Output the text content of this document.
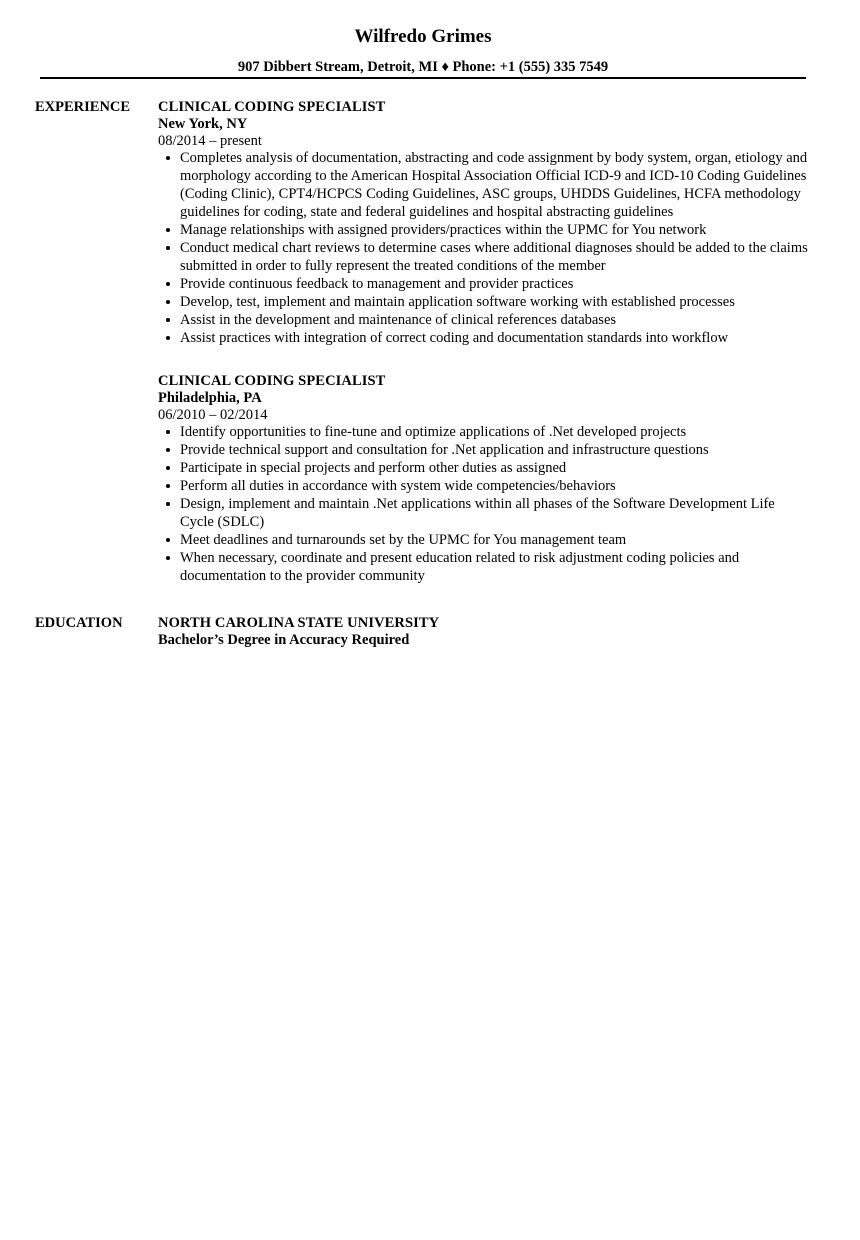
Wilfredo Grimes
907 Dibbert Stream, Detroit, MI ♦ Phone: +1 (555) 335 7549
EXPERIENCE CLINICAL CODING SPECIALIST
New York, NY
08/2014 – present
Completes analysis of documentation, abstracting and code assignment by body system, organ, etiology and morphology according to the American Hospital Association Official ICD-9 and ICD-10 Coding Guidelines (Coding Clinic), CPT4/HCPCS Coding Guidelines, ASC groups, UHDDS Guidelines, HCFA methodology guidelines for coding, state and federal guidelines and hospital abstracting guidelines
Manage relationships with assigned providers/practices within the UPMC for You network
Conduct medical chart reviews to determine cases where additional diagnoses should be added to the claims submitted in order to fully represent the treated conditions of the member
Provide continuous feedback to management and provider practices
Develop, test, implement and maintain application software working with established processes
Assist in the development and maintenance of clinical references databases
Assist practices with integration of correct coding and documentation standards into workflow
CLINICAL CODING SPECIALIST
Philadelphia, PA
06/2010 – 02/2014
Identify opportunities to fine-tune and optimize applications of .Net developed projects
Provide technical support and consultation for .Net application and infrastructure questions
Participate in special projects and perform other duties as assigned
Perform all duties in accordance with system wide competencies/behaviors
Design, implement and maintain .Net applications within all phases of the Software Development Life Cycle (SDLC)
Meet deadlines and turnarounds set by the UPMC for You management team
When necessary, coordinate and present education related to risk adjustment coding policies and documentation to the provider community
EDUCATION NORTH CAROLINA STATE UNIVERSITY
Bachelor’s Degree in Accuracy Required
